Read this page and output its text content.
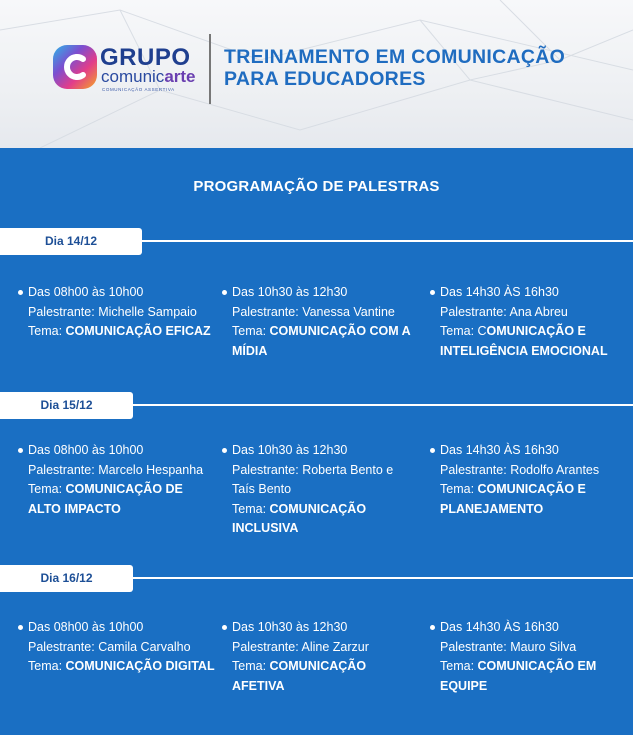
GRUPO
comunicarte
COMUNICAÇÃO ASSERTIVA
TREINAMENTO EM COMUNICAÇÃO
PARA EDUCADORES
PROGRAMAÇÃO DE PALESTRAS
Dia 14/12
Das 08h00 às 10h00
Palestrante: Michelle Sampaio
Tema: COMUNICAÇÃO EFICAZ
Das 10h30 às 12h30
Palestrante: Vanessa Vantine
Tema: COMUNICAÇÃO COM A MÍDIA
Das 14h30 ÀS 16h30
Palestrante: Ana Abreu
Tema: COMUNICAÇÃO E INTELIGÊNCIA EMOCIONAL
Dia 15/12
Das 08h00 às 10h00
Palestrante: Marcelo Hespanha
Tema: COMUNICAÇÃO DE ALTO IMPACTO
Das 10h30 às 12h30
Palestrante: Roberta Bento e Taís Bento
Tema: COMUNICAÇÃO INCLUSIVA
Das 14h30 ÀS 16h30
Palestrante: Rodolfo Arantes
Tema: COMUNICAÇÃO E PLANEJAMENTO
Dia 16/12
Das 08h00 às 10h00
Palestrante: Camila Carvalho
Tema: COMUNICAÇÃO DIGITAL
Das 10h30 às 12h30
Palestrante: Aline Zarzur
Tema: COMUNICAÇÃO AFETIVA
Das 14h30 ÀS 16h30
Palestrante: Mauro Silva
Tema: COMUNICAÇÃO EM EQUIPE
